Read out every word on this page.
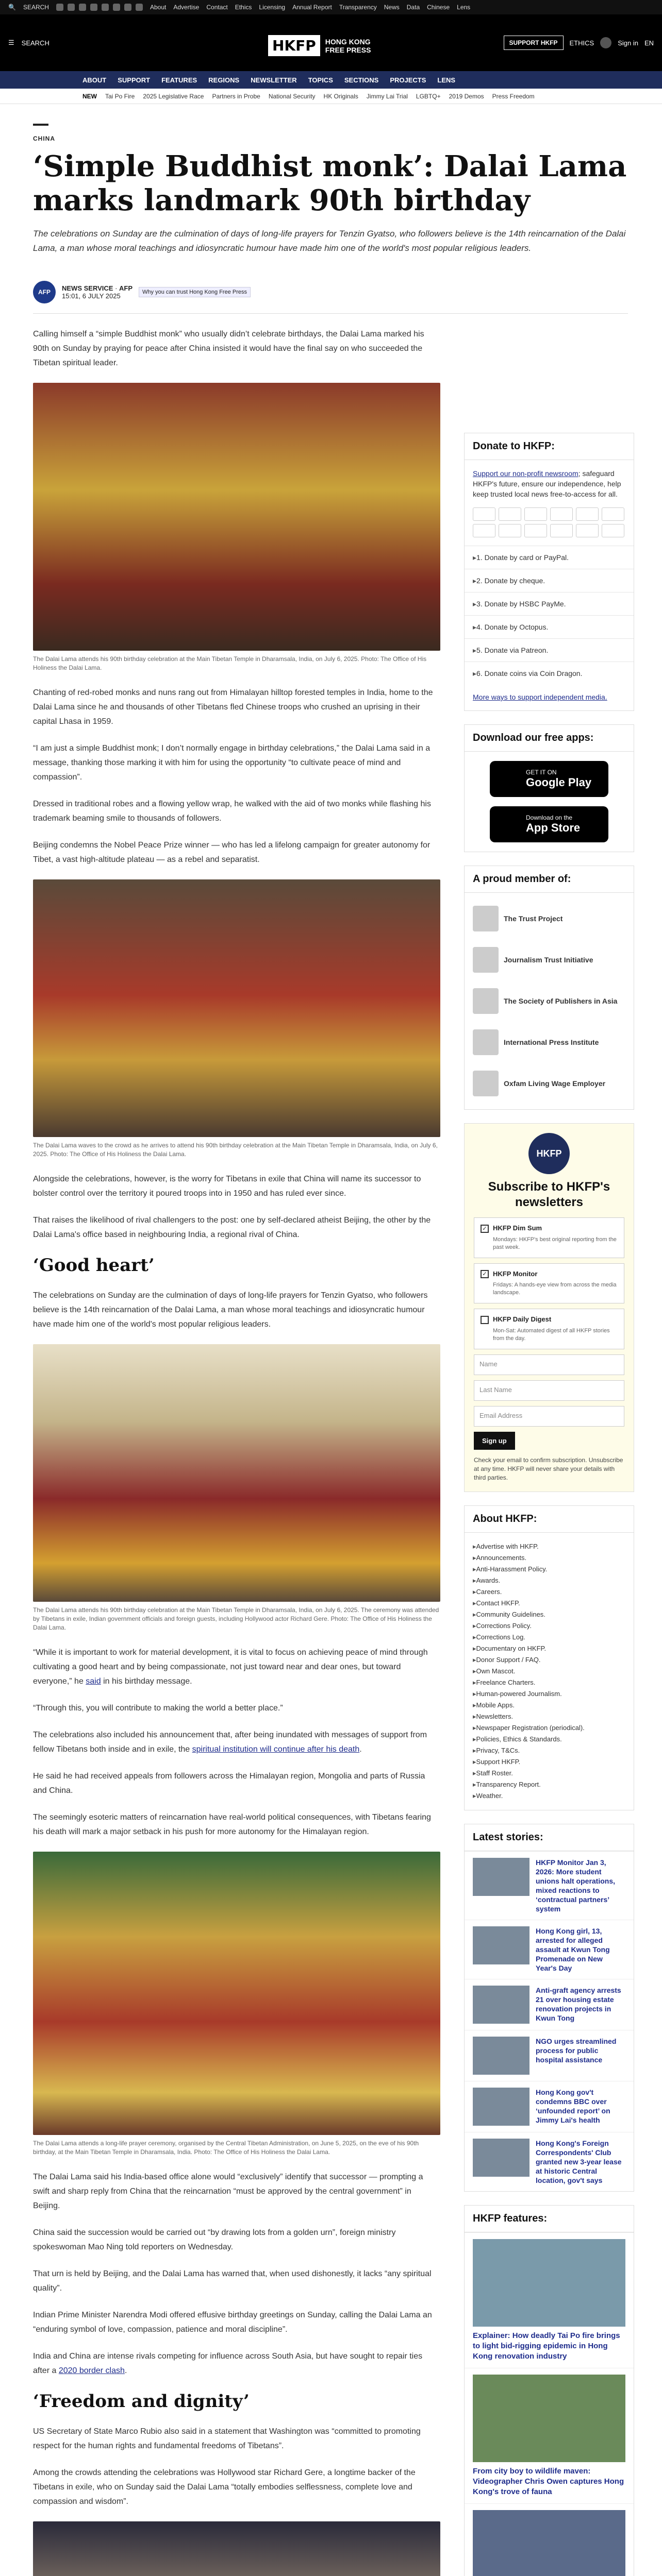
🔍 SEARCH	About Advertise Contact Ethics Licensing Annual Report Transparency News Data Chinese Lens
☰ SEARCH	HKFP	HONG KONG
FREE PRESS
SUPPORT HKFP	ETHICS	Sign in EN
ABOUT SUPPORT FEATURES REGIONS NEWSLETTER TOPICS SECTIONS PROJECTS LENS
NEW Tai Po Fire 2025 Legislative Race Partners in Probe National Security HK Originals Jimmy Lai Trial LGBTQ+ 2019 Demos Press Freedom
CHINA
‘Simple Buddhist monk’: Dalai Lama marks landmark 90th birthday

The celebrations on Sunday are the culmination of days of long-life prayers for Tenzin Gyatso, who followers believe is the 14th reincarnation of the Dalai Lama, a man whose moral teachings and idiosyncratic humour have made him one of the world's most popular religious leaders.

AFP	NEWS SERVICE · AFP
15:01, 6 JULY 2025	Why you can trust Hong Kong Free Press

Calling himself a “simple Buddhist monk” who usually didn’t celebrate birthdays, the Dalai Lama marked his 90th on Sunday by praying for peace after China insisted it would have the final say on who succeeded the Tibetan spiritual leader.

The Dalai Lama attends his 90th birthday celebration at the Main Tibetan Temple in Dharamsala, India, on July 6, 2025. Photo: The Office of His Holiness the Dalai Lama.

Chanting of red-robed monks and nuns rang out from Himalayan hilltop forested temples in India, home to the Dalai Lama since he and thousands of other Tibetans fled Chinese troops who crushed an uprising in their capital Lhasa in 1959.

“I am just a simple Buddhist monk; I don’t normally engage in birthday celebrations,” the Dalai Lama said in a message, thanking those marking it with him for using the opportunity “to cultivate peace of mind and compassion”.

Dressed in traditional robes and a flowing yellow wrap, he walked with the aid of two monks while flashing his trademark beaming smile to thousands of followers.

Beijing condemns the Nobel Peace Prize winner — who has led a lifelong campaign for greater autonomy for Tibet, a vast high-altitude plateau — as a rebel and separatist.

The Dalai Lama waves to the crowd as he arrives to attend his 90th birthday celebration at the Main Tibetan Temple in Dharamsala, India, on July 6, 2025. Photo: The Office of His Holiness the Dalai Lama.

Alongside the celebrations, however, is the worry for Tibetans in exile that China will name its successor to bolster control over the territory it poured troops into in 1950 and has ruled ever since.

That raises the likelihood of rival challengers to the post: one by self-declared atheist Beijing, the other by the Dalai Lama's office based in neighbouring India, a regional rival of China.

‘Good heart’

The celebrations on Sunday are the culmination of days of long-life prayers for Tenzin Gyatso, who followers believe is the 14th reincarnation of the Dalai Lama, a man whose moral teachings and idiosyncratic humour have made him one of the world's most popular religious leaders.

The Dalai Lama attends his 90th birthday celebration at the Main Tibetan Temple in Dharamsala, India, on July 6, 2025. The ceremony was attended by Tibetans in exile, Indian government officials and foreign guests, including Hollywood actor Richard Gere. Photo: The Office of His Holiness the Dalai Lama.

“While it is important to work for material development, it is vital to focus on achieving peace of mind through cultivating a good heart and by being compassionate, not just toward near and dear ones, but toward everyone,” he said in his birthday message.

“Through this, you will contribute to making the world a better place.”

The celebrations also included his announcement that, after being inundated with messages of support from fellow Tibetans both inside and in exile, the spiritual institution will continue after his death.

He said he had received appeals from followers across the Himalayan region, Mongolia and parts of Russia and China.

The seemingly esoteric matters of reincarnation have real-world political consequences, with Tibetans fearing his death will mark a major setback in his push for more autonomy for the Himalayan region.

The Dalai Lama attends a long-life prayer ceremony, organised by the Central Tibetan Administration, on June 5, 2025, on the eve of his 90th birthday, at the Main Tibetan Temple in Dharamsala, India. Photo: The Office of His Holiness the Dalai Lama.

The Dalai Lama said his India-based office alone would “exclusively” identify that successor — prompting a swift and sharp reply from China that the reincarnation “must be approved by the central government” in Beijing.

China said the succession would be carried out “by drawing lots from a golden urn”, foreign ministry spokeswoman Mao Ning told reporters on Wednesday.

That urn is held by Beijing, and the Dalai Lama has warned that, when used dishonestly, it lacks “any spiritual quality”.

Indian Prime Minister Narendra Modi offered effusive birthday greetings on Sunday, calling the Dalai Lama an “enduring symbol of love, compassion, patience and moral discipline”.

India and China are intense rivals competing for influence across South Asia, but have sought to repair ties after a 2020 border clash.

‘Freedom and dignity’

US Secretary of State Marco Rubio also said in a statement that Washington was “committed to promoting respect for the human rights and fundamental freedoms of Tibetans”.

Among the crowds attending the celebrations was Hollywood star Richard Gere, a longtime backer of the Tibetans in exile, who on Sunday said the Dalai Lama “totally embodies selflessness, complete love and compassion and wisdom”.

Donate to HKFP:
Support our non-profit newsroom; safeguard HKFP's future, ensure our independence, help keep trusted local news free-to-access for all.
▸ 1. Donate by card or PayPal.
▸ 2. Donate by cheque.
▸ 3. Donate by HSBC PayMe.
▸ 4. Donate by Octopus.
▸ 5. Donate via Patreon.
▸ 6. Donate coins via Coin Dragon.
More ways to support independent media.
Download our free apps:
GET IT ON
Google Play
Download on the
App Store
A proud member of:
The Trust Project
Journalism Trust Initiative
The Society of Publishers in Asia
International Press Institute
Oxfam Living Wage Employer
HKFP
Subscribe to HKFP's newsletters
✓ HKFP Dim Sum

Mondays: HKFP's best original reporting from the past week.

✓ HKFP Monitor

Fridays: A hands-eye view from across the media landscape.

HKFP Daily Digest

Mon-Sat: Automated digest of all HKFP stories from the day.

Name
Last Name
Email Address
Sign up

Check your email to confirm subscription. Unsubscribe at any time. HKFP will never share your details with third parties.

About HKFP:
▸ Advertise with HKFP.
▸ Announcements.
▸ Anti-Harassment Policy.
▸ Awards.
▸ Careers.
▸ Contact HKFP.
▸ Community Guidelines.
▸ Corrections Policy.
▸ Corrections Log.
▸ Documentary on HKFP.
▸ Donor Support / FAQ.
▸ Own Mascot.
▸ Freelance Charters.
▸ Human-powered Journalism.
▸ Mobile Apps.
▸ Newsletters.
▸ Newspaper Registration (periodical).
▸ Policies, Ethics & Standards.
▸ Privacy, T&Cs.
▸ Support HKFP.
▸ Staff Roster.
▸ Transparency Report.
▸ Weather.
Latest stories:
HKFP Monitor Jan 3, 2026: More student unions halt operations, mixed reactions to ‘contractual partners’ system
Hong Kong girl, 13, arrested for alleged assault at Kwun Tong Promenade on New Year's Day
Anti-graft agency arrests 21 over housing estate renovation projects in Kwun Tong
NGO urges streamlined process for public hospital assistance
Hong Kong gov't condemns BBC over ‘unfounded report’ on Jimmy Lai's health
Hong Kong's Foreign Correspondents' Club granted new 3-year lease at historic Central location, gov't says
HKFP features:
Explainer: How deadly Tai Po fire brings to light bid-rigging epidemic in Hong Kong renovation industry
From city boy to wildlife maven: Videographer Chris Owen captures Hong Kong's trove of fauna
